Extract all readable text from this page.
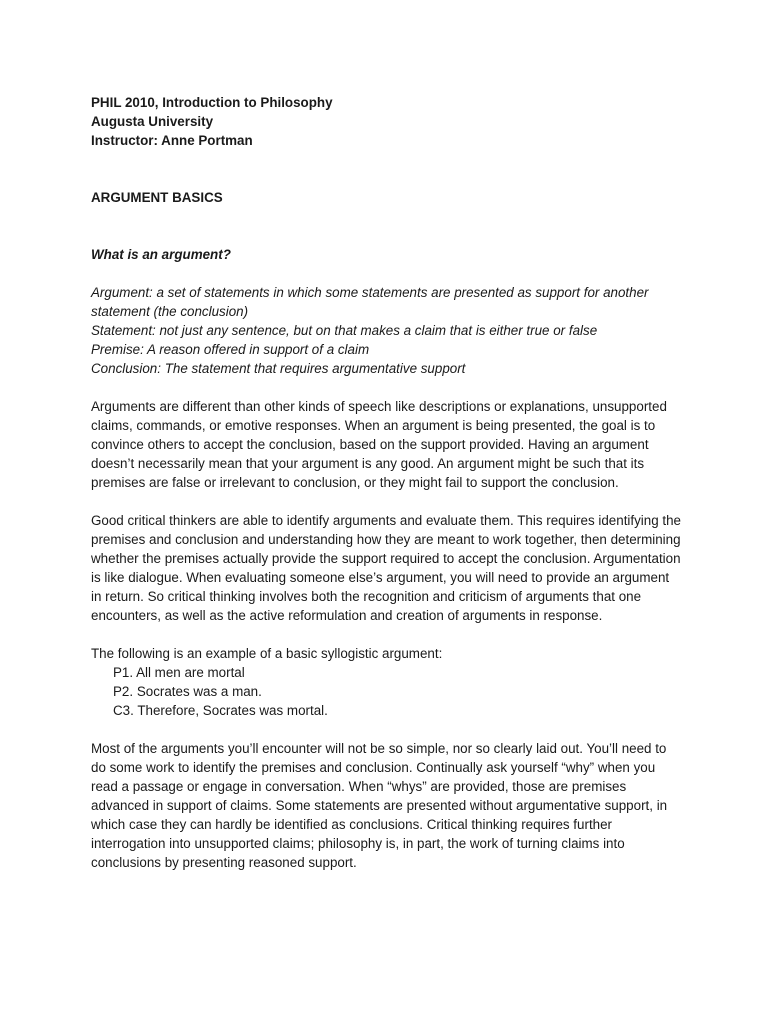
PHIL 2010, Introduction to Philosophy

Augusta University

Instructor: Anne Portman

ARGUMENT BASICS

What is an argument?

Argument: a set of statements in which some statements are presented as support for another statement (the conclusion)

Statement: not just any sentence, but on that makes a claim that is either true or false

Premise: A reason offered in support of a claim

Conclusion: The statement that requires argumentative support

Arguments are different than other kinds of speech like descriptions or explanations, unsupported claims, commands, or emotive responses. When an argument is being presented, the goal is to convince others to accept the conclusion, based on the support provided. Having an argument doesn’t necessarily mean that your argument is any good. An argument might be such that its premises are false or irrelevant to conclusion, or they might fail to support the conclusion.

Good critical thinkers are able to identify arguments and evaluate them. This requires identifying the premises and conclusion and understanding how they are meant to work together, then determining whether the premises actually provide the support required to accept the conclusion. Argumentation is like dialogue. When evaluating someone else’s argument, you will need to provide an argument in return. So critical thinking involves both the recognition and criticism of arguments that one encounters, as well as the active reformulation and creation of arguments in response.

The following is an example of a basic syllogistic argument:

P1. All men are mortal

P2. Socrates was a man.

C3. Therefore, Socrates was mortal.

Most of the arguments you’ll encounter will not be so simple, nor so clearly laid out. You’ll need to do some work to identify the premises and conclusion. Continually ask yourself “why” when you read a passage or engage in conversation. When “whys” are provided, those are premises advanced in support of claims. Some statements are presented without argumentative support, in which case they can hardly be identified as conclusions. Critical thinking requires further interrogation into unsupported claims; philosophy is, in part, the work of turning claims into conclusions by presenting reasoned support.
